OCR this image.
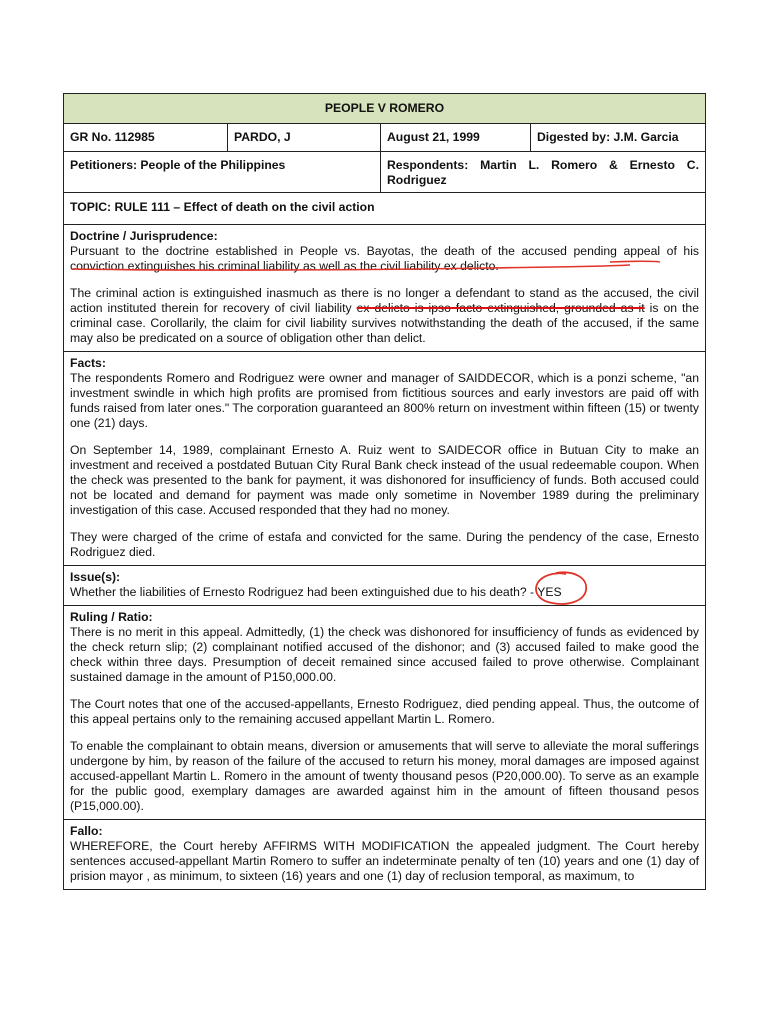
PEOPLE V ROMERO			
GR No. 112985	PARDO, J	August 21, 1999	Digested by: J.M. Garcia
Petitioners: People of the Philippines		Respondents: Martin L. Romero & Ernesto C. Rodriguez	
TOPIC: RULE 111 – Effect of death on the civil action			

Doctrine / Jurisprudence:

Pursuant to the doctrine established in People vs. Bayotas, the death of the accused pending appeal of his conviction extinguishes his criminal liability as well as the civil liability ex delicto.

The criminal action is extinguished inasmuch as there is no longer a defendant to stand as the accused, the civil action instituted therein for recovery of civil liability ex delicto is ipso facto extinguished, grounded as it is on the criminal case. Corollarily, the claim for civil liability survives notwithstanding the death of the accused, if the same may also be predicated on a source of obligation other than delict.			

Facts:

The respondents Romero and Rodriguez were owner and manager of SAIDDECOR, which is a ponzi scheme, "an investment swindle in which high profits are promised from fictitious sources and early investors are paid off with funds raised from later ones." The corporation guaranteed an 800% return on investment within fifteen (15) or twenty one (21) days.

On September 14, 1989, complainant Ernesto A. Ruiz went to SAIDECOR office in Butuan City to make an investment and received a postdated Butuan City Rural Bank check instead of the usual redeemable coupon. When the check was presented to the bank for payment, it was dishonored for insufficiency of funds. Both accused could not be located and demand for payment was made only sometime in November 1989 during the preliminary investigation of this case. Accused responded that they had no money.

They were charged of the crime of estafa and convicted for the same. During the pendency of the case, Ernesto Rodriguez died.			

Issue(s):

Whether the liabilities of Ernesto Rodriguez had been extinguished due to his death? - YES			

Ruling / Ratio:

There is no merit in this appeal. Admittedly, (1) the check was dishonored for insufficiency of funds as evidenced by the check return slip; (2) complainant notified accused of the dishonor; and (3) accused failed to make good the check within three days. Presumption of deceit remained since accused failed to prove otherwise. Complainant sustained damage in the amount of P150,000.00.

The Court notes that one of the accused-appellants, Ernesto Rodriguez, died pending appeal. Thus, the outcome of this appeal pertains only to the remaining accused appellant Martin L. Romero.

To enable the complainant to obtain means, diversion or amusements that will serve to alleviate the moral sufferings undergone by him, by reason of the failure of the accused to return his money, moral damages are imposed against accused-appellant Martin L. Romero in the amount of twenty thousand pesos (P20,000.00). To serve as an example for the public good, exemplary damages are awarded against him in the amount of fifteen thousand pesos (P15,000.00).			

Fallo:

WHEREFORE, the Court hereby AFFIRMS WITH MODIFICATION the appealed judgment. The Court hereby sentences accused-appellant Martin Romero to suffer an indeterminate penalty of ten (10) years and one (1) day of prision mayor , as minimum, to sixteen (16) years and one (1) day of reclusion temporal, as maximum, to			
